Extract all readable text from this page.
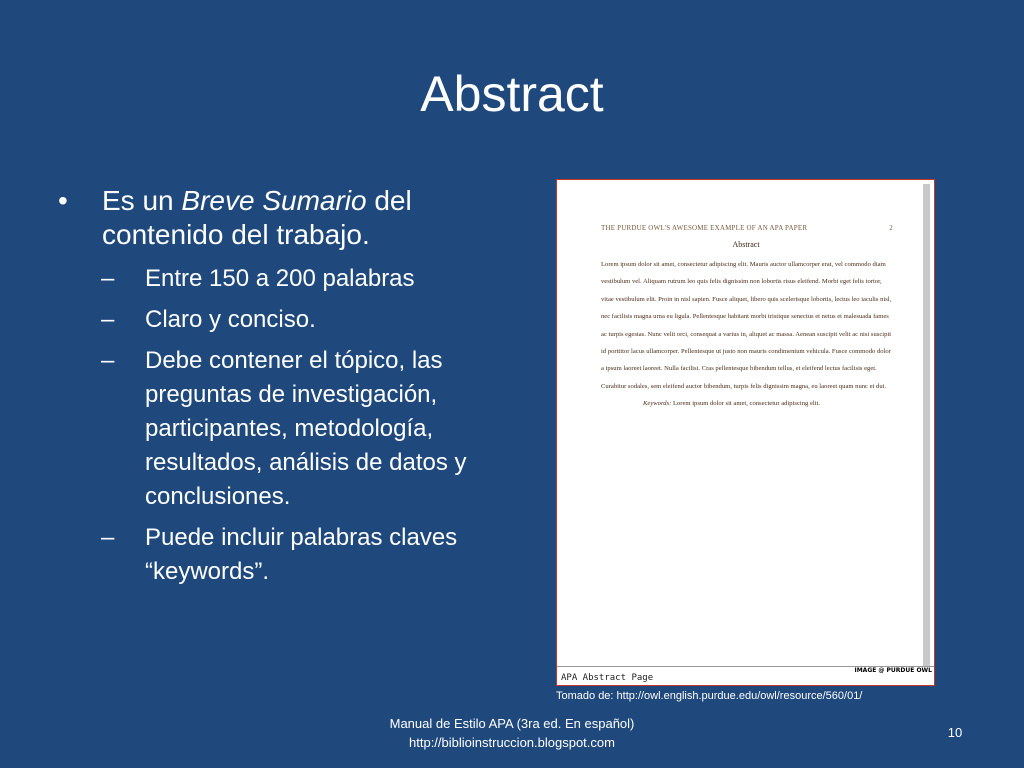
Abstract
• Es un Breve Sumario del contenido del trabajo.
– Entre 150 a 200 palabras
– Claro y conciso.
– Debe contener el tópico, las preguntas de investigación, participantes, metodología, resultados, análisis de datos y conclusiones.
– Puede incluir palabras claves “keywords”.
THE PURDUE OWL'S AWESOME EXAMPLE OF AN APA PAPER	2
Abstract

Lorem ipsum dolor sit amet, consectetur adipiscing elit. Mauris auctor ullamcorper erat, vel commodo diam vestibulum vel. Aliquam rutrum leo quis felis dignissim non lobortis risus eleifend. Morbi eget felis tortor, vitae vestibulum elit. Proin in nisl sapien. Fusce aliquet, libero quis scelerisque lobortis, lectus leo iaculis nisl, nec facilisis magna urna eu ligula. Pellentesque habitant morbi tristique senectus et netus et malesuada fames ac turpis egestas. Nunc velit orci, consequat a varius in, aliquet ac massa. Aenean suscipit velit ac nisi suscipit id porttitor lacus ullamcorper. Pellentesque ut justo non mauris condimentum vehicula. Fusce commodo dolor a ipsum laoreet laoreet. Nulla facilisi. Cras pellentesque bibendum tellus, et eleifend lectus facilisis eget. Curabitur sodales, sem eleifend auctor bibendum, turpis felis dignissim magna, eu laoreet quam nunc et dui.

Keywords: Lorem ipsum dolor sit amet, consectetur adipiscing elit.

APA Abstract Page
IMAGE @ PURDUE OWL
Tomado de: http://owl.english.purdue.edu/owl/resource/560/01/
Manual de Estilo APA (3ra ed. En español)
http://biblioinstruccion.blogspot.com
10
